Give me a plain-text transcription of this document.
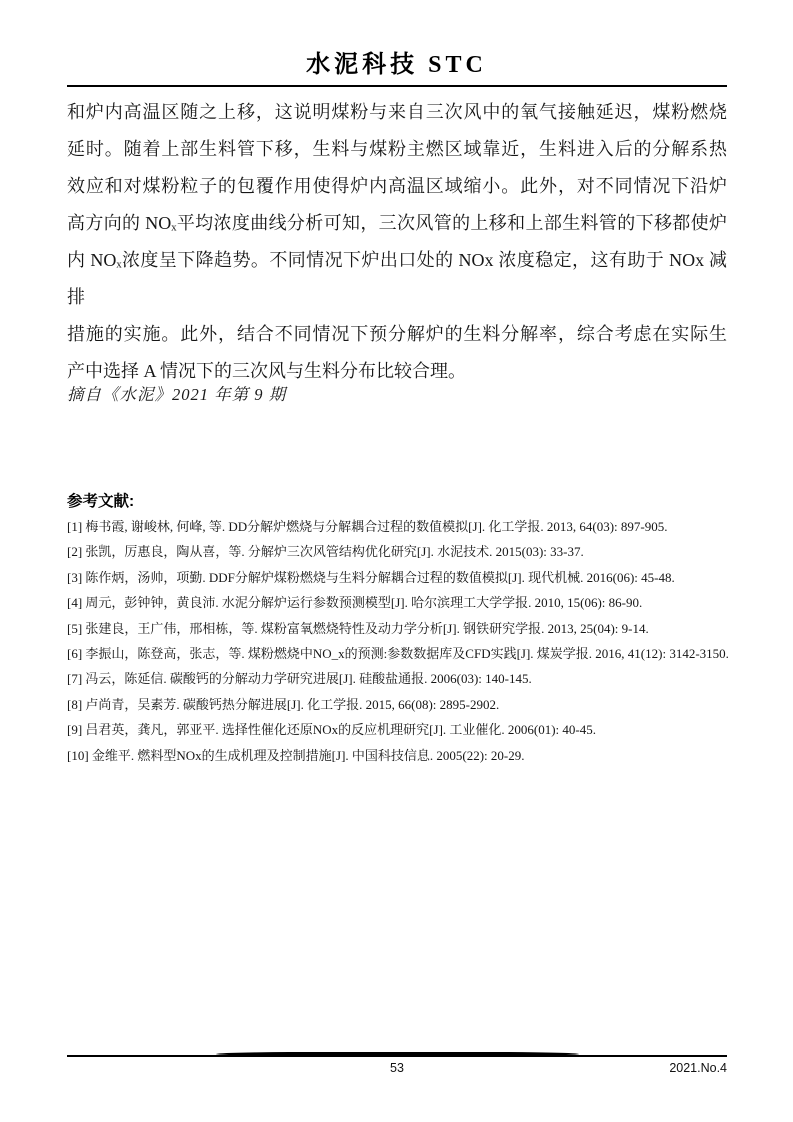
水泥科技 STC
和炉内高温区随之上移，这说明煤粉与来自三次风中的氧气接触延迟，煤粉燃烧
延时。随着上部生料管下移，生料与煤粉主燃区域靠近，生料进入后的分解系热
效应和对煤粉粒子的包覆作用使得炉内高温区域缩小。此外，对不同情况下沿炉
高方向的 NOₓ平均浓度曲线分析可知，三次风管的上移和上部生料管的下移都使炉
内 NOₓ浓度呈下降趋势。不同情况下炉出口处的 NOx 浓度稳定，这有助于 NOx 减排
措施的实施。此外，结合不同情况下预分解炉的生料分解率，综合考虑在实际生
产中选择 A 情况下的三次风与生料分布比较合理。
摘自《水泥》2021 年第 9 期
参考文献:
[1] 梅书霞, 谢峻林, 何峰, 等. DD分解炉燃烧与分解耦合过程的数值模拟[J]. 化工学报. 2013, 64(03): 897-905.
[2] 张凯，厉惠良，陶从喜，等. 分解炉三次风管结构优化研究[J]. 水泥技术. 2015(03): 33-37.
[3] 陈作炳，汤帅，项勤. DDF分解炉煤粉燃烧与生料分解耦合过程的数值模拟[J]. 现代机械. 2016(06): 45-48.
[4] 周元，彭钟钟，黄良沛. 水泥分解炉运行参数预测模型[J]. 哈尔滨理工大学学报. 2010, 15(06): 86-90.
[5] 张建良，王广伟，邢相栋，等. 煤粉富氧燃烧特性及动力学分析[J]. 钢铁研究学报. 2013, 25(04): 9-14.
[6] 李振山，陈登高，张志，等. 煤粉燃烧中NO_x的预测:参数数据库及CFD实践[J]. 煤炭学报. 2016, 41(12): 3142-3150.
[7] 冯云，陈延信. 碳酸钙的分解动力学研究进展[J]. 硅酸盐通报. 2006(03): 140-145.
[8] 卢尚青，吴素芳. 碳酸钙热分解进展[J]. 化工学报. 2015, 66(08): 2895-2902.
[9] 吕君英，龚凡，郭亚平. 选择性催化还原NOx的反应机理研究[J]. 工业催化. 2006(01): 40-45.
[10] 金维平. 燃料型NOx的生成机理及控制措施[J]. 中国科技信息. 2005(22): 20-29.
53	2021.No.4
